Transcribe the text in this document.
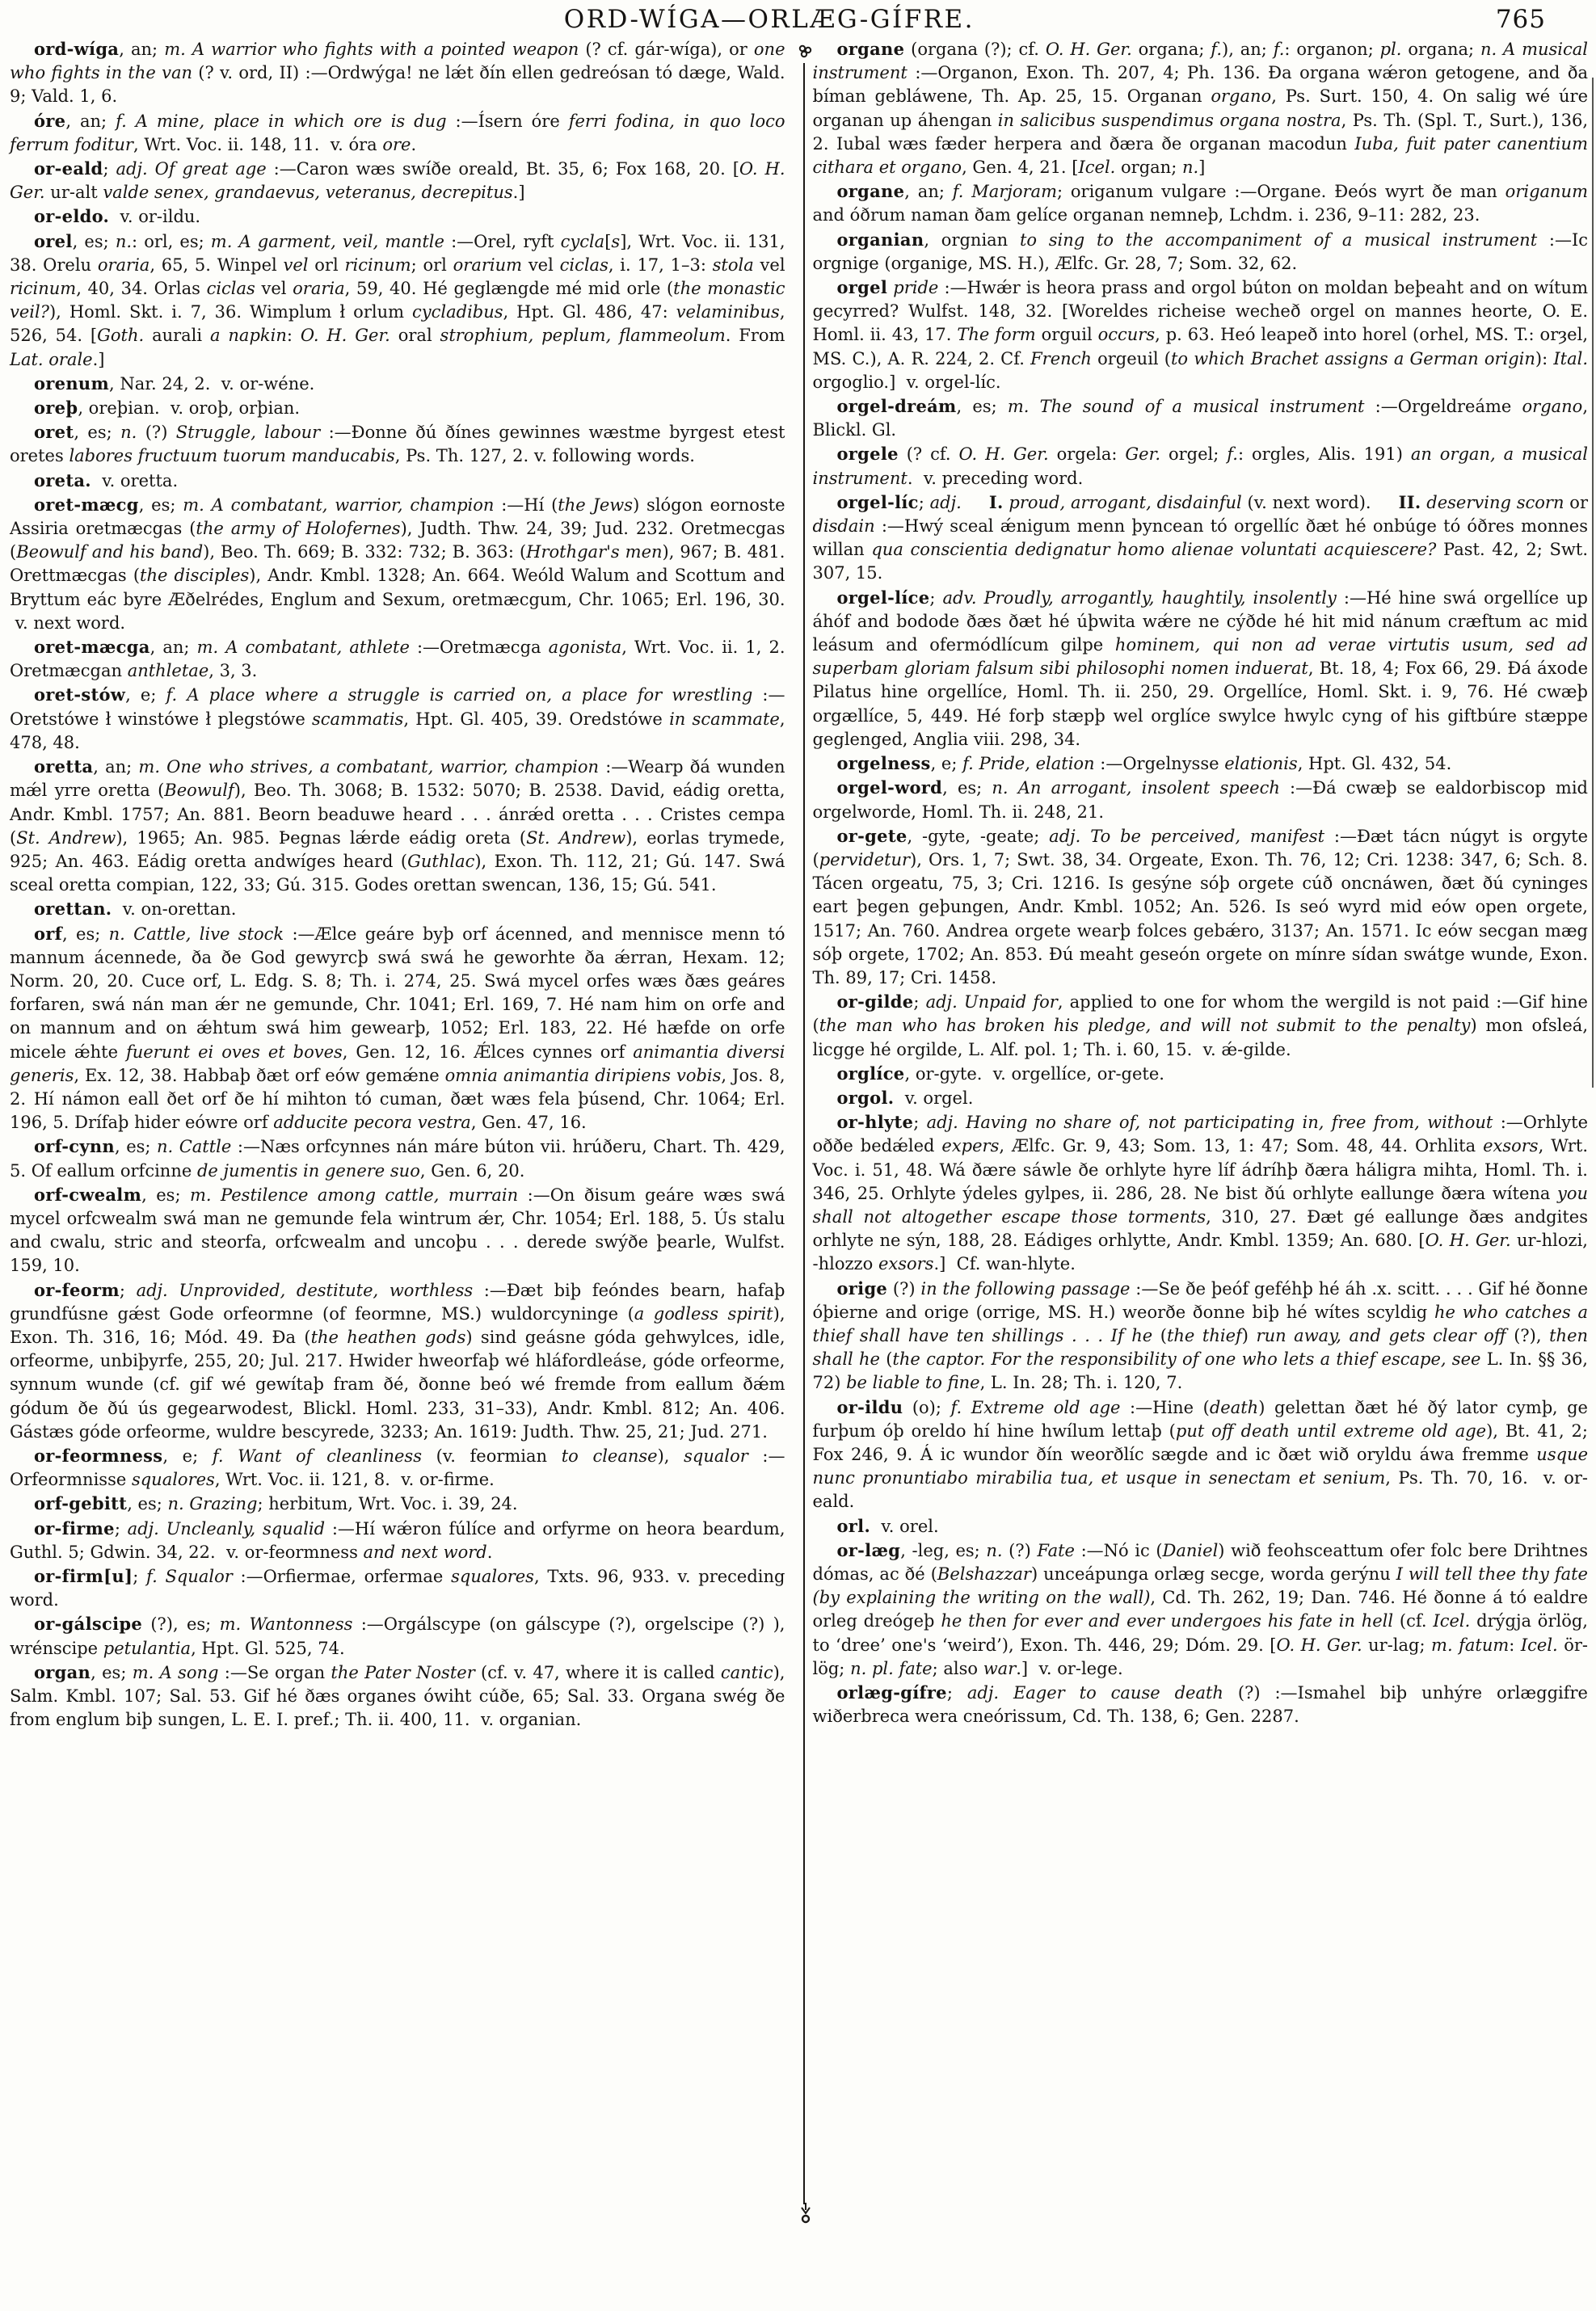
ORD-WÍGA—ORLÆG-GÍFRE.	765

ord-wíga, an; m. A warrior who fights with a pointed weapon (? cf. gár-wíga), or one who fights in the van (? v. ord, II) :—Ordwýga! ne lǽt ðín ellen gedreósan tó dæge, Wald. 9; Vald. 1, 6.

óre, an; f. A mine, place in which ore is dug :—Ísern óre ferri fodina, in quo loco ferrum foditur, Wrt. Voc. ii. 148, 11.  v. óra ore.

or-eald; adj. Of great age :—Caron wæs swíðe oreald, Bt. 35, 6; Fox 168, 20. [O. H. Ger. ur-alt valde senex, grandaevus, veteranus, decrepitus.]

or-eldo.  v. or-ildu.

orel, es; n.: orl, es; m. A garment, veil, mantle :—Orel, ryft cycla[s], Wrt. Voc. ii. 131, 38. Orelu oraria, 65, 5. Winpel vel orl ricinum; orl orarium vel ciclas, i. 17, 1–3: stola vel ricinum, 40, 34. Orlas ciclas vel oraria, 59, 40. Hé geglængde mé mid orle (the monastic veil?), Homl. Skt. i. 7, 36. Wimplum ł orlum cycladibus, Hpt. Gl. 486, 47: velaminibus, 526, 54. [Goth. aurali a napkin: O. H. Ger. oral strophium, peplum, flammeolum. From Lat. orale.]

orenum, Nar. 24, 2.  v. or-wéne.

oreþ, oreþian.  v. oroþ, orþian.

oret, es; n. (?) Struggle, labour :—Ðonne ðú ðínes gewinnes wæstme byrgest etest oretes labores fructuum tuorum manducabis, Ps. Th. 127, 2. v. following words.

oreta.  v. oretta.

oret-mæcg, es; m. A combatant, warrior, champion :—Hí (the Jews) slógon eornoste Assiria oretmæcgas (the army of Holofernes), Judth. Thw. 24, 39; Jud. 232. Oretmecgas (Beowulf and his band), Beo. Th. 669; B. 332: 732; B. 363: (Hrothgar's men), 967; B. 481. Orettmæcgas (the disciples), Andr. Kmbl. 1328; An. 664. Weóld Walum and Scottum and Bryttum eác byre Æðelrédes, Englum and Sexum, oretmæcgum, Chr. 1065; Erl. 196, 30.  v. next word.

oret-mæcga, an; m. A combatant, athlete :—Oretmæcga agonista, Wrt. Voc. ii. 1, 2. Oretmæcgan anthletae, 3, 3.

oret-stów, e; f. A place where a struggle is carried on, a place for wrestling :—Oretstówe ł winstówe ł plegstówe scammatis, Hpt. Gl. 405, 39. Oredstówe in scammate, 478, 48.

oretta, an; m. One who strives, a combatant, warrior, champion :—Wearp ðá wunden mǽl yrre oretta (Beowulf), Beo. Th. 3068; B. 1532: 5070; B. 2538. David, eádig oretta, Andr. Kmbl. 1757; An. 881. Beorn beaduwe heard . . . ánrǽd oretta . . . Cristes cempa (St. Andrew), 1965; An. 985. Þegnas lǽrde eádig oreta (St. Andrew), eorlas trymede, 925; An. 463. Eádig oretta andwíges heard (Guthlac), Exon. Th. 112, 21; Gú. 147. Swá sceal oretta compian, 122, 33; Gú. 315. Godes orettan swencan, 136, 15; Gú. 541.

orettan.  v. on-orettan.

orf, es; n. Cattle, live stock :—Ælce geáre byþ orf ácenned, and mennisce menn tó mannum ácennede, ða ðe God gewyrcþ swá swá he geworhte ða ǽrran, Hexam. 12; Norm. 20, 20. Cuce orf, L. Edg. S. 8; Th. i. 274, 25. Swá mycel orfes wæs ðæs geáres forfaren, swá nán man ǽr ne gemunde, Chr. 1041; Erl. 169, 7. Hé nam him on orfe and on mannum and on ǽhtum swá him gewearþ, 1052; Erl. 183, 22. Hé hæfde on orfe micele ǽhte fuerunt ei oves et boves, Gen. 12, 16. Ǽlces cynnes orf animantia diversi generis, Ex. 12, 38. Habbaþ ðæt orf eów gemǽne omnia animantia diripiens vobis, Jos. 8, 2. Hí námon eall ðet orf ðe hí mihton tó cuman, ðæt wæs fela þúsend, Chr. 1064; Erl. 196, 5. Drífaþ hider eówre orf adducite pecora vestra, Gen. 47, 16.

orf-cynn, es; n. Cattle :—Næs orfcynnes nán máre búton vii. hrúðeru, Chart. Th. 429, 5. Of eallum orfcinne de jumentis in genere suo, Gen. 6, 20.

orf-cwealm, es; m. Pestilence among cattle, murrain :—On ðisum geáre wæs swá mycel orfcwealm swá man ne gemunde fela wintrum ǽr, Chr. 1054; Erl. 188, 5. Ús stalu and cwalu, stric and steorfa, orfcwealm and uncoþu . . . derede swýðe þearle, Wulfst. 159, 10.

or-feorm; adj. Unprovided, destitute, worthless :—Ðæt biþ feóndes bearn, hafaþ grundfúsne gǽst Gode orfeormne (of feormne, MS.) wuldorcyninge (a godless spirit), Exon. Th. 316, 16; Mód. 49. Ða (the heathen gods) sind geásne góda gehwylces, idle, orfeorme, unbiþyrfe, 255, 20; Jul. 217. Hwider hweorfaþ wé hláfordleáse, góde orfeorme, synnum wunde (cf. gif wé gewítaþ fram ðé, ðonne beó wé fremde from eallum ðǽm gódum ðe ðú ús gegearwodest, Blickl. Homl. 233, 31–33), Andr. Kmbl. 812; An. 406. Gástæs góde orfeorme, wuldre bescyrede, 3233; An. 1619: Judth. Thw. 25, 21; Jud. 271.

or-feormness, e; f. Want of cleanliness (v. feormian to cleanse), squalor :—Orfeormnisse squalores, Wrt. Voc. ii. 121, 8.  v. or-firme.

orf-gebitt, es; n. Grazing; herbitum, Wrt. Voc. i. 39, 24.

or-firme; adj. Uncleanly, squalid :—Hí wǽron fúlíce and orfyrme on heora beardum, Guthl. 5; Gdwin. 34, 22.  v. or-feormness and next word.

or-firm[u]; f. Squalor :—Orfiermae, orfermae squalores, Txts. 96, 933. v. preceding word.

or-gálscipe (?), es; m. Wantonness :—Orgálscype (on gálscype (?), orgelscipe (?) ), wrénscipe petulantia, Hpt. Gl. 525, 74.

organ, es; m. A song :—Se organ the Pater Noster (cf. v. 47, where it is called cantic), Salm. Kmbl. 107; Sal. 53. Gif hé ðæs organes ówiht cúðe, 65; Sal. 33. Organa swég ðe from englum biþ sungen, L. E. I. pref.; Th. ii. 400, 11.  v. organian.

organe (organa (?); cf. O. H. Ger. organa; f.), an; f.: organon; pl. organa; n. A musical instrument :—Organon, Exon. Th. 207, 4; Ph. 136. Ða organa wǽron getogene, and ða bíman gebláwene, Th. Ap. 25, 15. Organan organo, Ps. Surt. 150, 4. On salig wé úre organan up áhengan in salicibus suspendimus organa nostra, Ps. Th. (Spl. T., Surt.), 136, 2. Iubal wæs fæder herpera and ðæra ðe organan macodun Iuba, fuit pater canentium cithara et organo, Gen. 4, 21. [Icel. organ; n.]

organe, an; f. Marjoram; origanum vulgare :—Organe. Ðeós wyrt ðe man origanum and óðrum naman ðam gelíce organan nemneþ, Lchdm. i. 236, 9–11: 282, 23.

organian, orgnian to sing to the accompaniment of a musical instrument :—Ic orgnige (organige, MS. H.), Ælfc. Gr. 28, 7; Som. 32, 62.

orgel pride :—Hwǽr is heora prass and orgol búton on moldan beþeaht and on wítum gecyrred? Wulfst. 148, 32. [Woreldes richeise wecheð orgel on mannes heorte, O. E. Homl. ii. 43, 17. The form orguil occurs, p. 63. Heó leapeð into horel (orhel, MS. T.: orȝel, MS. C.), A. R. 224, 2. Cf. French orgeuil (to which Brachet assigns a German origin): Ital. orgoglio.]  v. orgel-líc.

orgel-dreám, es; m. The sound of a musical instrument :—Orgeldreáme organo, Blickl. Gl.

orgele (? cf. O. H. Ger. orgela: Ger. orgel; f.: orgles, Alis. 191) an organ, a musical instrument.  v. preceding word.

orgel-líc; adj. I. proud, arrogant, disdainful (v. next word).     II. deserving scorn or disdain :—Hwý sceal ǽnigum menn þyncean tó orgellíc ðæt hé onbúge tó óðres monnes willan qua conscientia dedignatur homo alienae voluntati acquiescere? Past. 42, 2; Swt. 307, 15.

orgel-líce; adv. Proudly, arrogantly, haughtily, insolently :—Hé hine swá orgellíce up áhóf and bodode ðæs ðæt hé úþwita wǽre ne cýðde hé hit mid nánum cræftum ac mid leásum and ofermódlícum gilpe hominem, qui non ad verae virtutis usum, sed ad superbam gloriam falsum sibi philosophi nomen induerat, Bt. 18, 4; Fox 66, 29. Ðá áxode Pilatus hine orgellíce, Homl. Th. ii. 250, 29. Orgellíce, Homl. Skt. i. 9, 76. Hé cwæþ orgællíce, 5, 449. Hé forþ stæpþ wel orglíce swylce hwylc cyng of his giftbúre stæppe geglenged, Anglia viii. 298, 34.

orgelness, e; f. Pride, elation :—Orgelnysse elationis, Hpt. Gl. 432, 54.

orgel-word, es; n. An arrogant, insolent speech :—Ðá cwæþ se ealdorbiscop mid orgelworde, Homl. Th. ii. 248, 21.

or-gete, -gyte, -geate; adj. To be perceived, manifest :—Ðæt tácn núgyt is orgyte (pervidetur), Ors. 1, 7; Swt. 38, 34. Orgeate, Exon. Th. 76, 12; Cri. 1238: 347, 6; Sch. 8. Tácen orgeatu, 75, 3; Cri. 1216. Is gesýne sóþ orgete cúð oncnáwen, ðæt ðú cyninges eart þegen geþungen, Andr. Kmbl. 1052; An. 526. Is seó wyrd mid eów open orgete, 1517; An. 760. Andrea orgete wearþ folces gebǽro, 3137; An. 1571. Ic eów secgan mæg sóþ orgete, 1702; An. 853. Ðú meaht geseón orgete on mínre sídan swátge wunde, Exon. Th. 89, 17; Cri. 1458.

or-gilde; adj. Unpaid for, applied to one for whom the wergild is not paid :—Gif hine (the man who has broken his pledge, and will not submit to the penalty) mon ofsleá, licgge hé orgilde, L. Alf. pol. 1; Th. i. 60, 15.  v. ǽ-gilde.

orglíce, or-gyte.  v. orgellíce, or-gete.

orgol.  v. orgel.

or-hlyte; adj. Having no share of, not participating in, free from, without :—Orhlyte oððe bedǽled expers, Ælfc. Gr. 9, 43; Som. 13, 1: 47; Som. 48, 44. Orhlita exsors, Wrt. Voc. i. 51, 48. Wá ðære sáwle ðe orhlyte hyre líf ádríhþ ðæra háligra mihta, Homl. Th. i. 346, 25. Orhlyte ýdeles gylpes, ii. 286, 28. Ne bist ðú orhlyte eallunge ðæra wítena you shall not altogether escape those torments, 310, 27. Ðæt gé eallunge ðæs andgites orhlyte ne sýn, 188, 28. Eádiges orhlytte, Andr. Kmbl. 1359; An. 680. [O. H. Ger. ur-hlozi, -hlozzo exsors.]  Cf. wan-hlyte.

orige (?) in the following passage :—Se ðe þeóf geféhþ hé áh .x. scitt. . . . Gif hé ðonne óþierne and orige (orrige, MS. H.) weorðe ðonne biþ hé wítes scyldig he who catches a thief shall have ten shillings . . . If he (the thief) run away, and gets clear off (?), then shall he (the captor. For the responsibility of one who lets a thief escape, see L. In. §§ 36, 72) be liable to fine, L. In. 28; Th. i. 120, 7.

or-ildu (o); f. Extreme old age :—Hine (death) gelettan ðæt hé ðý lator cymþ, ge furþum óþ oreldo hí hine hwílum lettaþ (put off death until extreme old age), Bt. 41, 2; Fox 246, 9. Á ic wundor ðín weorðlíc sægde and ic ðæt wið oryldu áwa fremme usque nunc pronuntiabo mirabilia tua, et usque in senectam et senium, Ps. Th. 70, 16.  v. or-eald.

orl.  v. orel.

or-læg, -leg, es; n. (?) Fate :—Nó ic (Daniel) wið feohsceattum ofer folc bere Drihtnes dómas, ac ðé (Belshazzar) unceápunga orlæg secge, worda gerýnu I will tell thee thy fate (by explaining the writing on the wall), Cd. Th. 262, 19; Dan. 746. Hé ðonne á tó ealdre orleg dreógeþ he then for ever and ever undergoes his fate in hell (cf. Icel. drýgja örlög, to ‘dree’ one's ‘weird’), Exon. Th. 446, 29; Dóm. 29. [O. H. Ger. ur-lag; m. fatum: Icel. ör-lög; n. pl. fate; also war.]  v. or-lege.

orlæg-gífre; adj. Eager to cause death (?) :—Ismahel biþ unhýre orlæggifre wiðerbreca wera cneórissum, Cd. Th. 138, 6; Gen. 2287.
